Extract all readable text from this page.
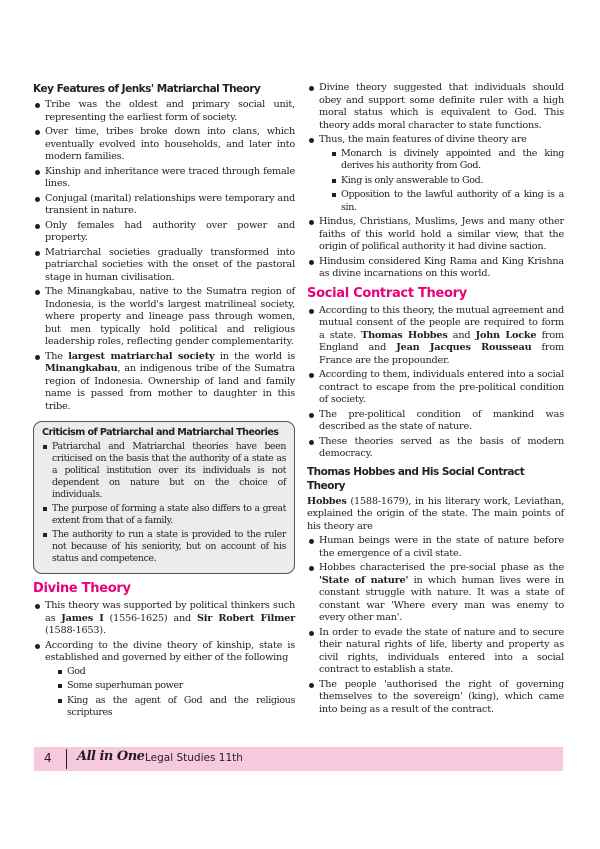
Key Features of Jenks' Matriarchal Theory
Tribe was the oldest and primary social unit, representing the earliest form of society.
Over time, tribes broke down into clans, which eventually evolved into households, and later into modern families.
Kinship and inheritance were traced through female lines.
Conjugal (marital) relationships were temporary and transient in nature.
Only females had authority over power and property.
Matriarchal societies gradually transformed into patriarchal societies with the onset of the pastoral stage in human civilisation.
The Minangkabau, native to the Sumatra region of Indonesia, is the world's largest matrilineal society, where property and lineage pass through women, but men typically hold political and religious leadership roles, reflecting gender complementarity.
The largest matriarchal society in the world is Minangkabau, an indigenous tribe of the Sumatra region of Indonesia. Ownership of land and family name is passed from mother to daughter in this tribe.
Criticism of Patriarchal and Matriarchal Theories
Patriarchal and Matriarchal theories have been criticised on the basis that the authority of a state as a political institution over its individuals is not dependent on nature but on the choice of individuals.
The purpose of forming a state also differs to a great extent from that of a family.
The authority to run a state is provided to the ruler not because of his seniority, but on account of his status and competence.
Divine Theory
This theory was supported by political thinkers such as James I (1556-1625) and Sir Robert Filmer (1588-1653).
According to the divine theory of kinship, state is established and governed by either of the following
God
Some superhuman power
King as the agent of God and the religious scriptures
Divine theory suggested that individuals should obey and support some definite ruler with a high moral status which is equivalent to God. This theory adds moral character to state functions.
Thus, the main features of divine theory are
Monarch is divinely appointed and the king derives his authority from God.
King is only answerable to God.
Opposition to the lawful authority of a king is a sin.
Hindus, Christians, Muslims, Jews and many other faiths of this world hold a similar view, that the origin of polifical authority it had divine saction.
Hindusim considered King Rama and King Krishna as divine incarnations on this world.
Social Contract Theory
According to this theory, the mutual agreement and mutual consent of the people are required to form a state. Thomas Hobbes and John Locke from England and Jean Jacques Rousseau from France are the propounder.
According to them, individuals entered into a social contract to escape from the pre-political condition of society.
The pre-political condition of mankind was described as the state of nature.
These theories served as the basis of modern democracy.
Thomas Hobbes and His Social Contract Theory

Hobbes (1588-1679), in his literary work, Leviathan, explained the origin of the state. The main points of his theory are

Human beings were in the state of nature before the emergence of a civil state.
Hobbes characterised the pre-social phase as the 'State of nature' in which human lives were in constant struggle with nature. It was a state of constant war 'Where every man was enemy to every other man'.
In order to evade the state of nature and to secure their natural rights of life, liberty and property as civil rights, individuals entered into a social contract to establish a state.
The people 'authorised the right of governing themselves to the sovereign' (king), which came into being as a result of the contract.
4 All in One Legal Studies 11th
